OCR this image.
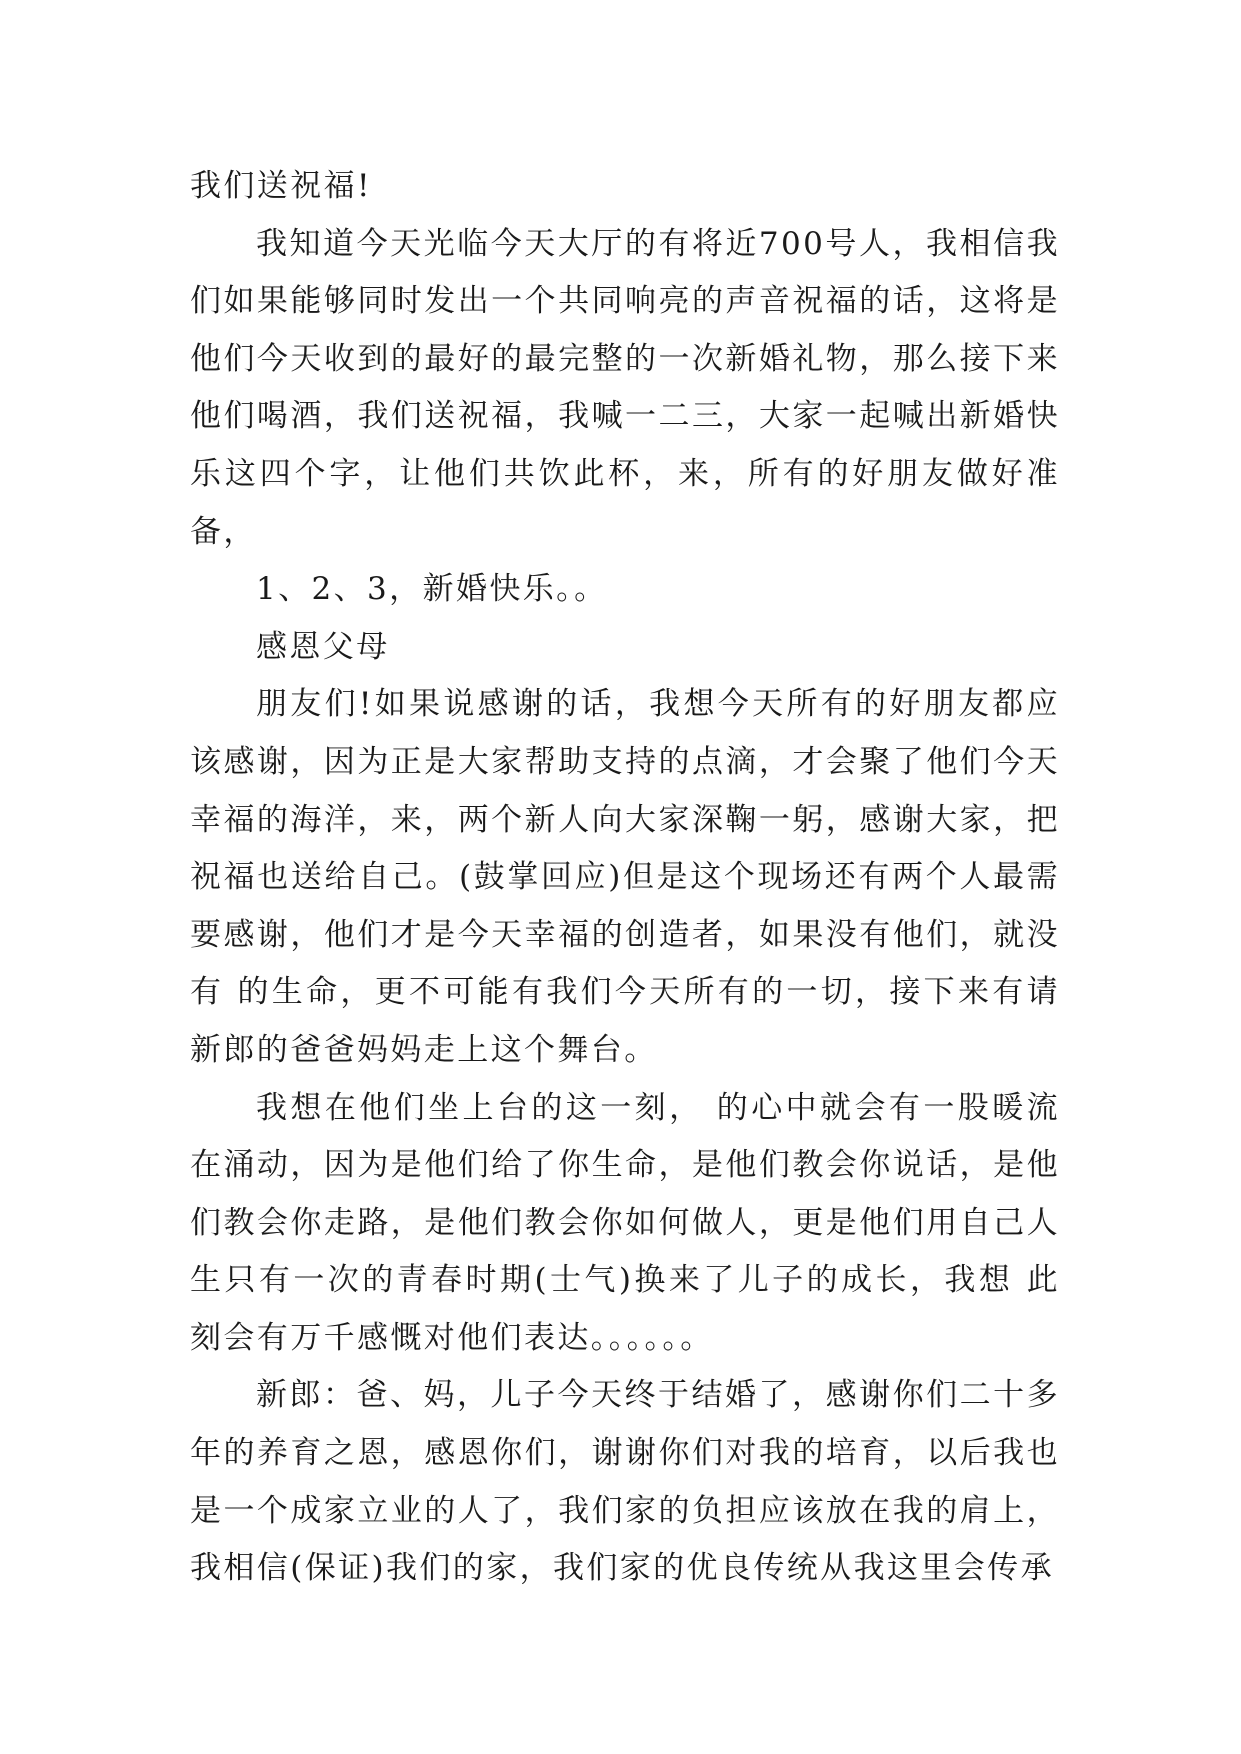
我们送祝福!

我知道今天光临今天大厅的有将近700号人，我相信我们如果能够同时发出一个共同响亮的声音祝福的话，这将是他们今天收到的最好的最完整的一次新婚礼物，那么接下来他们喝酒，我们送祝福，我喊一二三，大家一起喊出新婚快乐这四个字，让他们共饮此杯，来，所有的好朋友做好准备，

1、2、3，新婚快乐。。

感恩父母

朋友们!如果说感谢的话，我想今天所有的好朋友都应该感谢，因为正是大家帮助支持的点滴，才会聚了他们今天幸福的海洋，来，两个新人向大家深鞠一躬，感谢大家，把祝福也送给自己。(鼓掌回应)但是这个现场还有两个人最需要感谢，他们才是今天幸福的创造者，如果没有他们，就没有 的生命，更不可能有我们今天所有的一切，接下来有请新郎的爸爸妈妈走上这个舞台。

我想在他们坐上台的这一刻， 的心中就会有一股暖流在涌动，因为是他们给了你生命，是他们教会你说话，是他们教会你走路，是他们教会你如何做人，更是他们用自己人生只有一次的青春时期(士气)换来了儿子的成长，我想 此刻会有万千感慨对他们表达。。。。。。

新郎：爸、妈，儿子今天终于结婚了，感谢你们二十多年的养育之恩，感恩你们，谢谢你们对我的培育，以后我也是一个成家立业的人了，我们家的负担应该放在我的肩上，我相信(保证)我们的家，我们家的优良传统从我这里会传承
